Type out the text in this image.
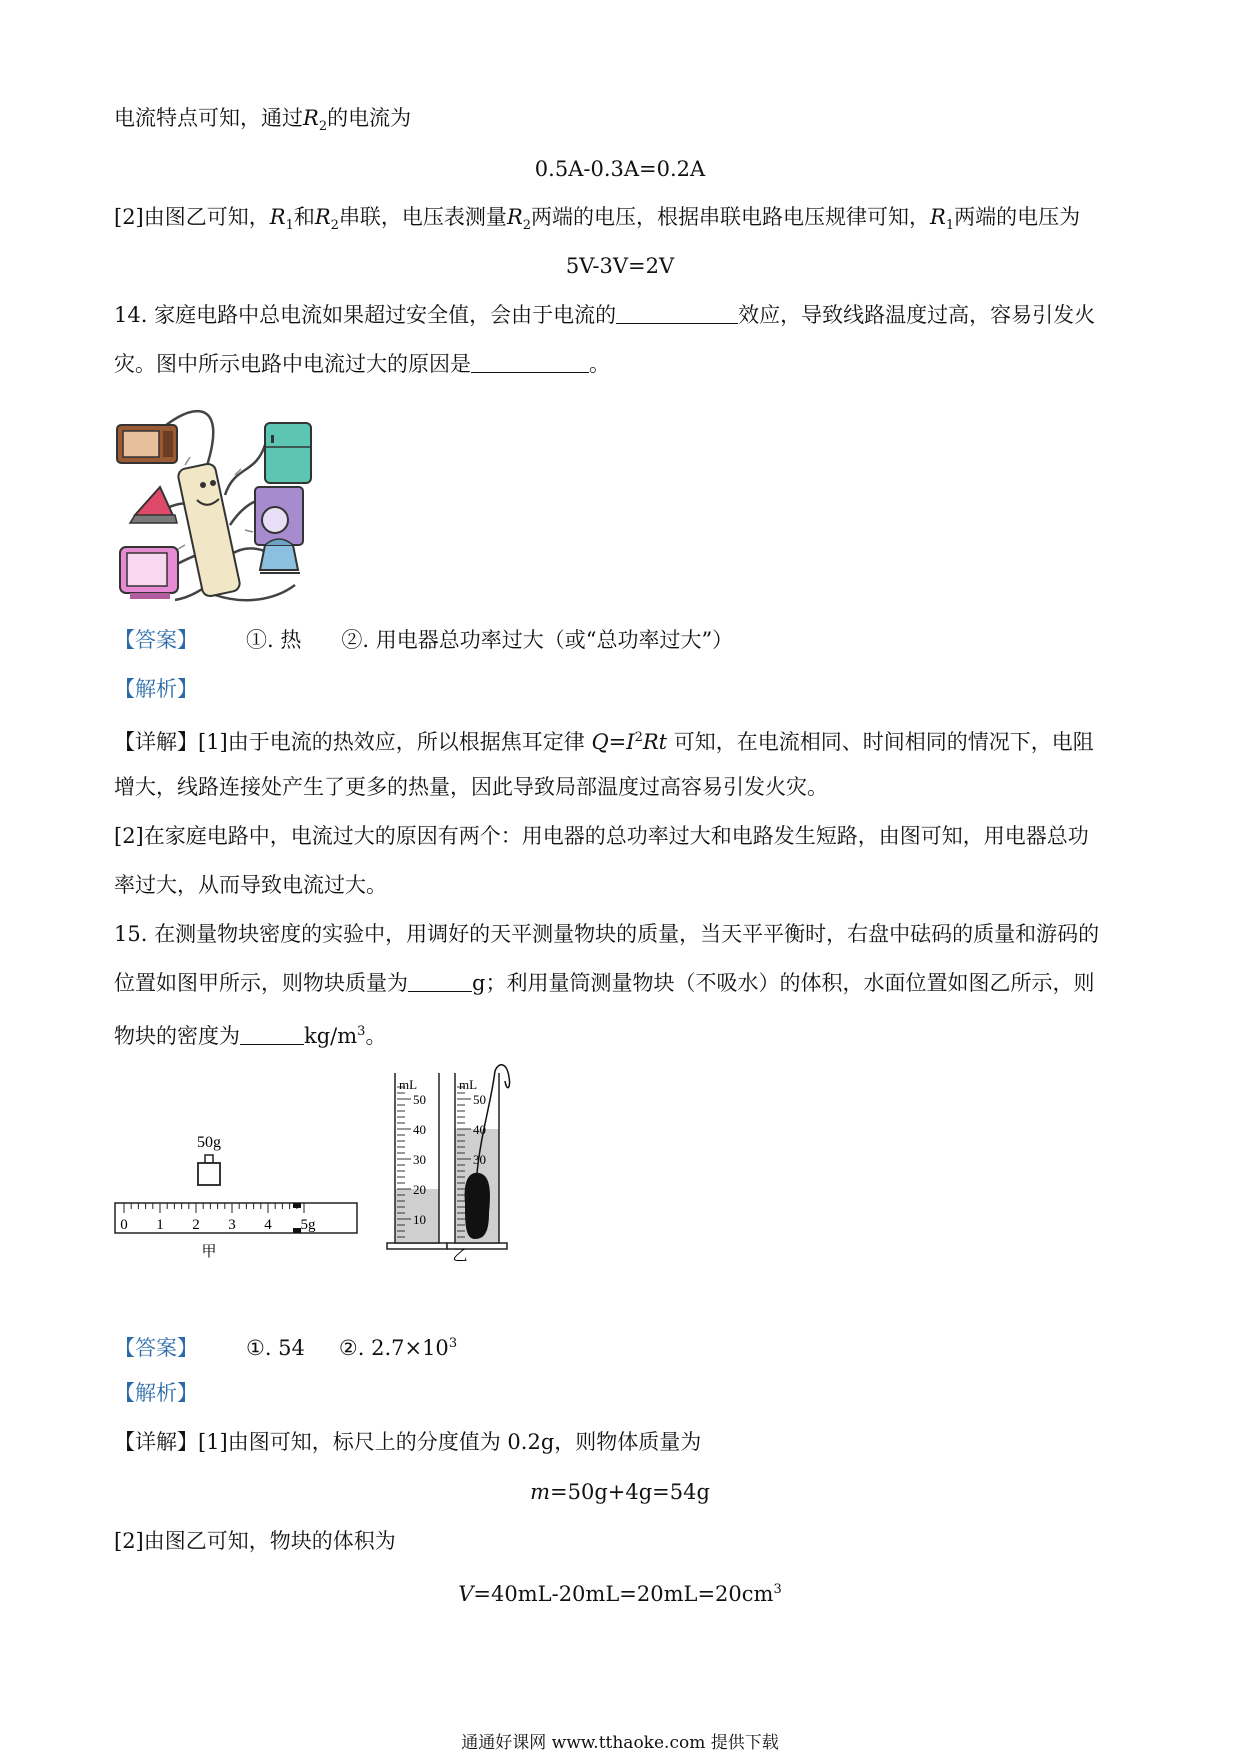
电流特点可知，通过$R_2$的电流为
0.5A-0.3A=0.2A
[2]由图乙可知，$R_1$和$R_2$串联，电压表测量$R_2$两端的电压，根据串联电路电压规律可知，$R_1$两端的电压为
5V-3V=2V
14. 家庭电路中总电流如果超过安全值，会由于电流的	效应，导致线路温度过高，容易引发火
灾。图中所示电路中电流过大的原因是	。
【答案】 ①. 热 ②. 用电器总功率过大（或“总功率过大”）
【解析】
【详解】[1]由于电流的热效应，所以根据焦耳定律 $Q=I^2Rt$ 可知，在电流相同、时间相同的情况下，电阻
增大，线路连接处产生了更多的热量，因此导致局部温度过高容易引发火灾。
[2]在家庭电路中，电流过大的原因有两个：用电器的总功率过大和电路发生短路，由图可知，用电器总功
率过大，从而导致电流过大。
15. 在测量物块密度的实验中，用调好的天平测量物块的质量，当天平平衡时，右盘中砝码的质量和游码的
位置如图甲所示，则物块质量为	g；利用量筒测量物块（不吸水）的体积，水面位置如图乙所示，则
物块的密度为	$kg/m^3$。
50g
0 1 2 3 4 5g
甲
mL
50
40
30
20
10
mL
50
40
30
乙
【答案】 ①. 54 ②. $2.7\times 10^3$
【解析】
【详解】[1]由图可知，标尺上的分度值为 0.2g，则物体质量为
m=50g+4g=54g
[2]由图乙可知，物块的体积为
$V=40mL-20mL=20mL=20cm^3$
通通好课网 www.tthaoke.com 提供下载
